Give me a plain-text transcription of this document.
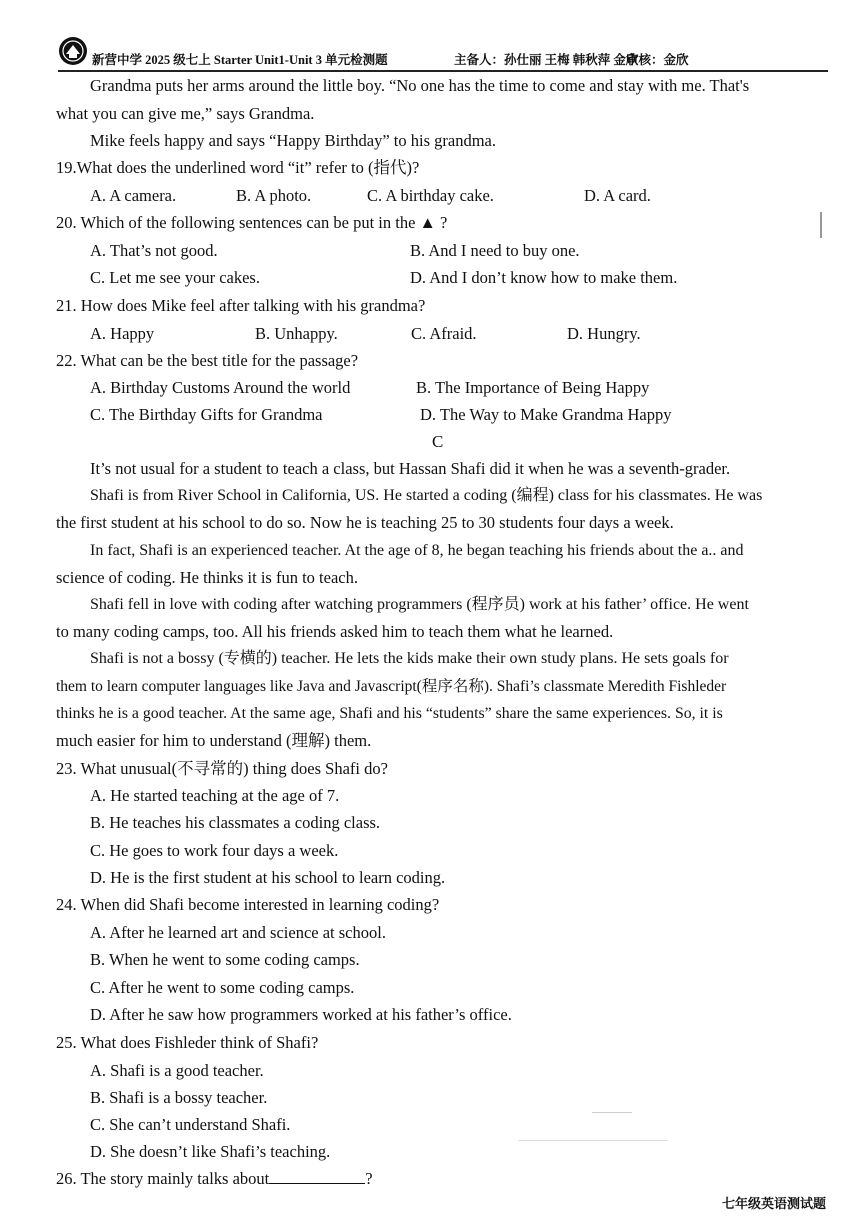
新营中学 2025 级七上 Starter Unit1-Unit 3 单元检测题	主备人：孙仕丽 王梅 韩秋萍 金欣
审核：金欣
Grandma puts her arms around the little boy. “No one has the time to come and stay with me. That's
what you can give me,” says Grandma.
Mike feels happy and says “Happy Birthday” to his grandma.
19.What does the underlined word “it” refer to (指代)?
A. A camera.	B. A photo.	C. A birthday cake.	D. A card.
20. Which of the following sentences can be put in the ▲ ?
A. That’s not good.	B. And I need to buy one.
C. Let me see your cakes.	D. And I don’t know how to make them.
21. How does Mike feel after talking with his grandma?
A. Happy	B. Unhappy.	C. Afraid.	D. Hungry.
22. What can be the best title for the passage?
A. Birthday Customs Around the world	B. The Importance of Being Happy
C. The Birthday Gifts for Grandma	D. The Way to Make Grandma Happy
C
It’s not usual for a student to teach a class, but Hassan Shafi did it when he was a seventh-grader.
Shafi is from River School in California, US. He started a coding (编程) class for his classmates. He was
the first student at his school to do so. Now he is teaching 25 to 30 students four days a week.
In fact, Shafi is an experienced teacher. At the age of 8, he began teaching his friends about the a.. and
science of coding. He thinks it is fun to teach.
Shafi fell in love with coding after watching programmers (程序员) work at his father’ office. He went
to many coding camps, too. All his friends asked him to teach them what he learned.
Shafi is not a bossy (专横的) teacher. He lets the kids make their own study plans. He sets goals for
them to learn computer languages like Java and Javascript(程序名称). Shafi’s classmate Meredith Fishleder
thinks he is a good teacher. At the same age, Shafi and his “students” share the same experiences. So, it is
much easier for him to understand (理解) them.
23. What unusual(不寻常的) thing does Shafi do?
A. He started teaching at the age of 7.
B. He teaches his classmates a coding class.
C. He goes to work four days a week.
D. He is the first student at his school to learn coding.
24. When did Shafi become interested in learning coding?
A. After he learned art and science at school.
B. When he went to some coding camps.
C. After he went to some coding camps.
D. After he saw how programmers worked at his father’s office.
25. What does Fishleder think of Shafi?
A. Shafi is a good teacher.
B. Shafi is a bossy teacher.
C. She can’t understand Shafi.
D. She doesn’t like Shafi’s teaching.
26. The story mainly talks about	?
七年级英语测试题
